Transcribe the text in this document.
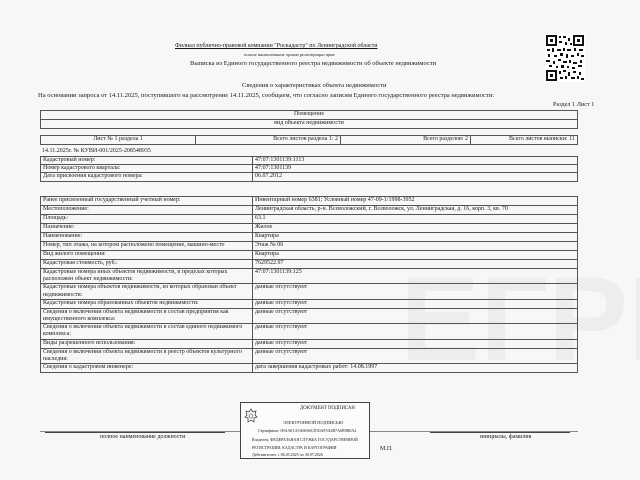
Филиал публично-правовой компании "Роскадастр" по Ленинградской области
полное наименование органа регистрации прав
Выписка из Единого государственного реестра недвижимости об объекте недвижимости
Сведения о характеристиках объекта недвижимости
На основании запроса от 14.11.2025, поступившего на рассмотрение 14.11.2025, сообщаем, что согласно записям Единого государственного реестра недвижимости:
Раздел 1 Лист 1
Помещение
вид объекта недвижимости
Лист № 1 раздела 1	Всего листов раздела 1: 2	Всего разделов: 2	Всего листов выписки: 11
14.11.2025г. № КУВИ-001/2025-208548935
Кадастровый номер:	47:07:1301139:1113
Номер кадастрового квартала:	47:07:1301139
Дата присвоения кадастрового номера:	06.07.2012
Ранее присвоенный государственный учетный номер:	Инвентарный номер 6381; Условный номер 47-09-1/1998-3952
Местоположение:	Ленинградская область, р-н. Всеволожский, г. Всеволожск, ул. Ленинградская, д. 16, корп. 3, кв. 70
Площадь:	63.1
Назначение:	Жилое
Наименование:	Квартира
Номер, тип этажа, на котором расположено помещение, машино-место	Этаж № 06
Вид жилого помещения:	Квартира
Кадастровая стоимость, руб.:	7629522.97
Кадастровые номера иных объектов недвижимости, в пределах которых расположен объект недвижимости:	47:07:1301139:125
Кадастровые номера объектов недвижимости, из которых образован объект недвижимости:	данные отсутствуют
Кадастровые номера образованных объектов недвижимости:	данные отсутствуют
Сведения о включении объекта недвижимости в состав предприятия как имущественного комплекса:	данные отсутствуют
Сведения о включении объекта недвижимости в состав единого недвижимого комплекса:	данные отсутствуют
Виды разрешенного использования:	данные отсутствуют
Сведения о включении объекта недвижимости в реестр объектов культурного наследия:	данные отсутствуют
Сведения о кадастровом инженере:	дата завершения кадастровых работ: 14.08.1997
полное наименование должности	инициалы, фамилия
М.П.
ДОКУМЕНТ ПОДПИСАН
ЭЛЕКТРОННОЙ ПОДПИСЬЮ
Сертификат: 00AAE1A5A68A6CE50AF5A4B7A6B9B6A2
Владелец: ФЕДЕРАЛЬНАЯ СЛУЖБА ГОСУДАРСТВЕННОЙ
РЕГИСТРАЦИИ, КАДАСТРА И КАРТОГРАФИИ
Действителен: с 06.05.2025 по 30.07.2026
